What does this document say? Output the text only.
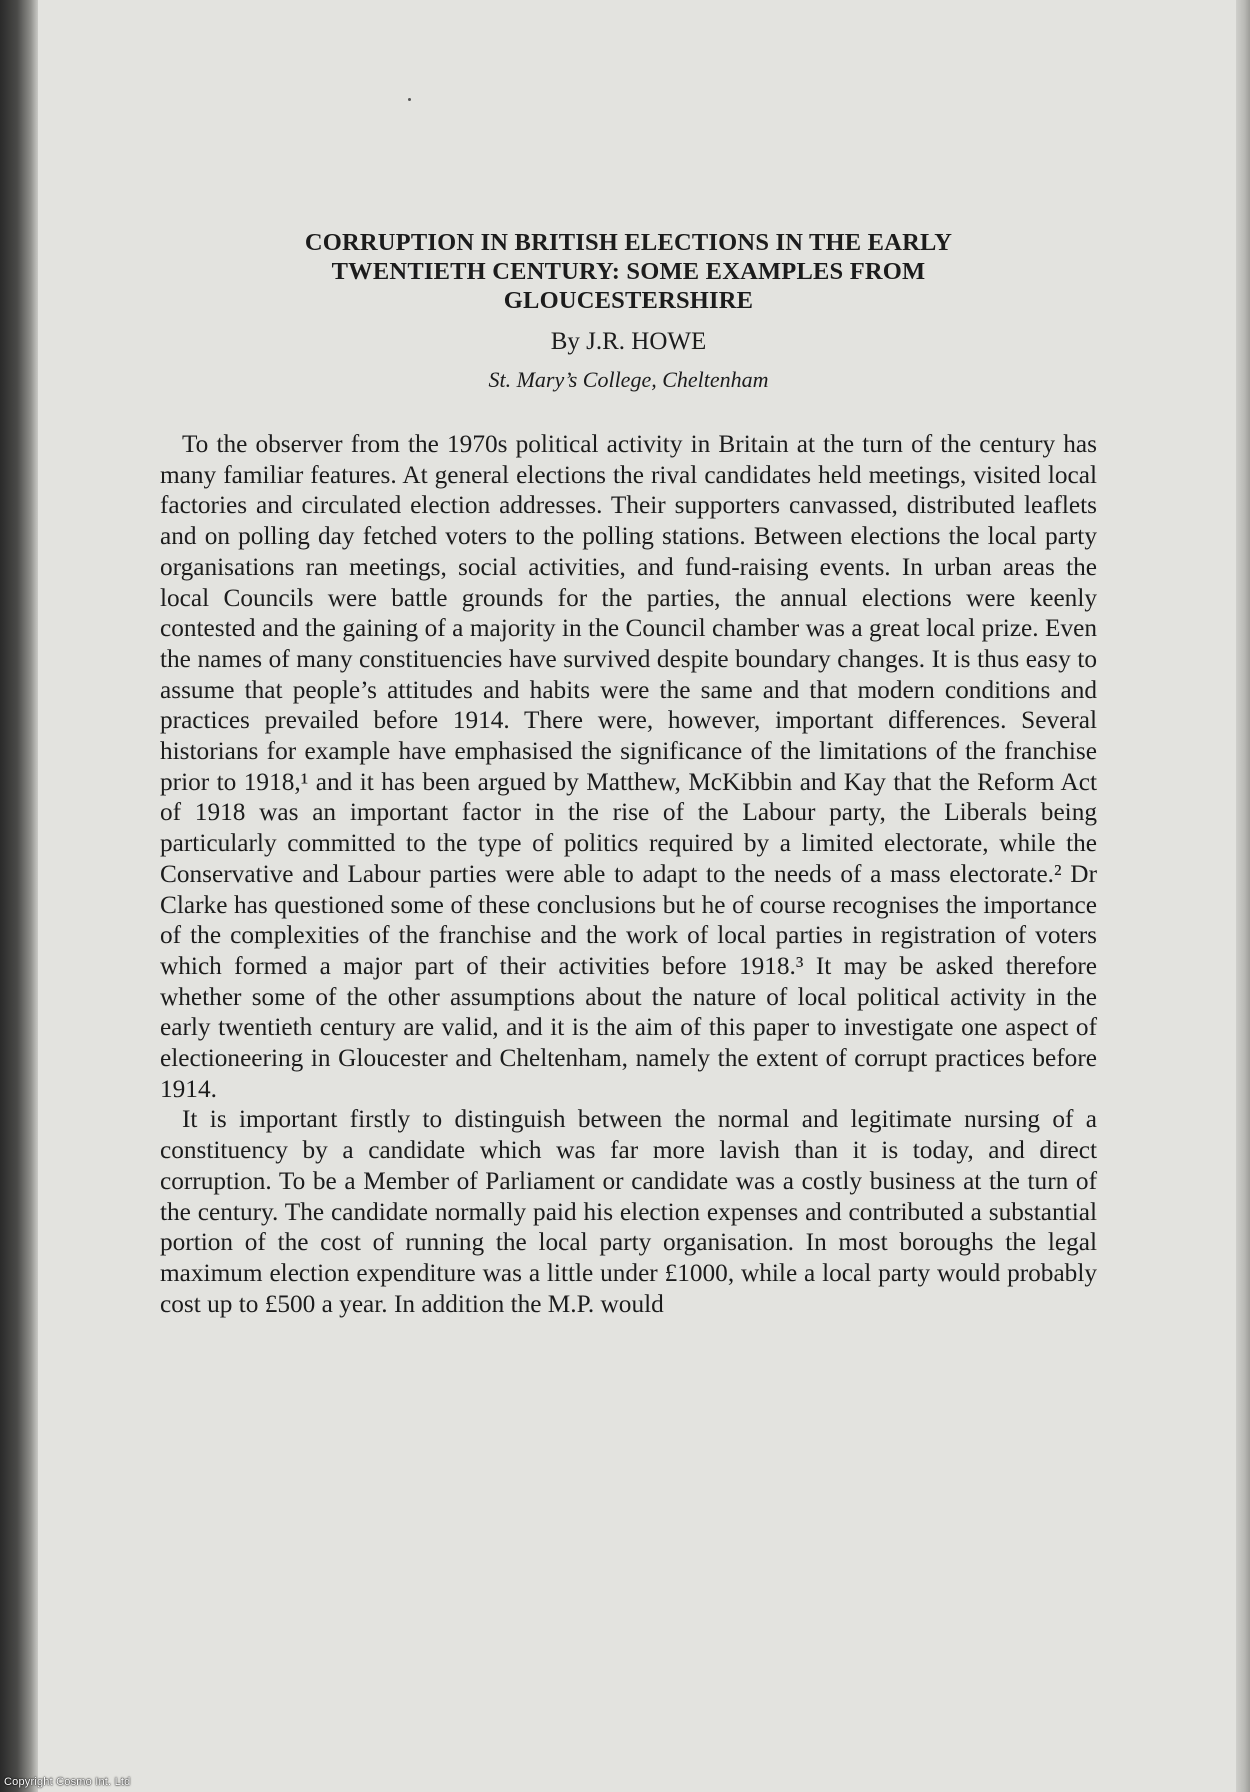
CORRUPTION IN BRITISH ELECTIONS IN THE EARLY
TWENTIETH CENTURY: SOME EXAMPLES FROM
GLOUCESTERSHIRE
By J.R. HOWE
St. Mary’s College, Cheltenham

To the observer from the 1970s political activity in Britain at the turn of the century has many familiar features. At general elections the rival candidates held meetings, visited local factories and circulated election addresses. Their supporters canvassed, distributed leaflets and on polling day fetched voters to the polling stations. Between elections the local party organisations ran meetings, social activities, and fund-raising events. In urban areas the local Councils were battle grounds for the parties, the annual elections were keenly contested and the gaining of a majority in the Council chamber was a great local prize. Even the names of many constituencies have survived despite boundary changes. It is thus easy to assume that people’s attitudes and habits were the same and that modern conditions and practices prevailed before 1914. There were, however, important differences. Several historians for example have emphasised the significance of the limitations of the franchise prior to 1918,¹ and it has been argued by Matthew, McKibbin and Kay that the Reform Act of 1918 was an important factor in the rise of the Labour party, the Liberals being particularly committed to the type of politics required by a limited electorate, while the Conservative and Labour parties were able to adapt to the needs of a mass electorate.² Dr Clarke has questioned some of these conclusions but he of course recognises the importance of the complexities of the franchise and the work of local parties in registration of voters which formed a major part of their activities before 1918.³ It may be asked therefore whether some of the other assumptions about the nature of local political activity in the early twentieth century are valid, and it is the aim of this paper to investigate one aspect of electioneering in Gloucester and Cheltenham, namely the extent of corrupt practices before 1914.

It is important firstly to distinguish between the normal and legitimate nursing of a constituency by a candidate which was far more lavish than it is today, and direct corruption. To be a Member of Parliament or candidate was a costly business at the turn of the century. The candidate normally paid his election expenses and contributed a substantial portion of the cost of running the local party organisation. In most boroughs the legal maximum election expenditure was a little under £1000, while a local party would probably cost up to £500 a year. In addition the M.P. would

Copyright Cosmo Int. Ltd
